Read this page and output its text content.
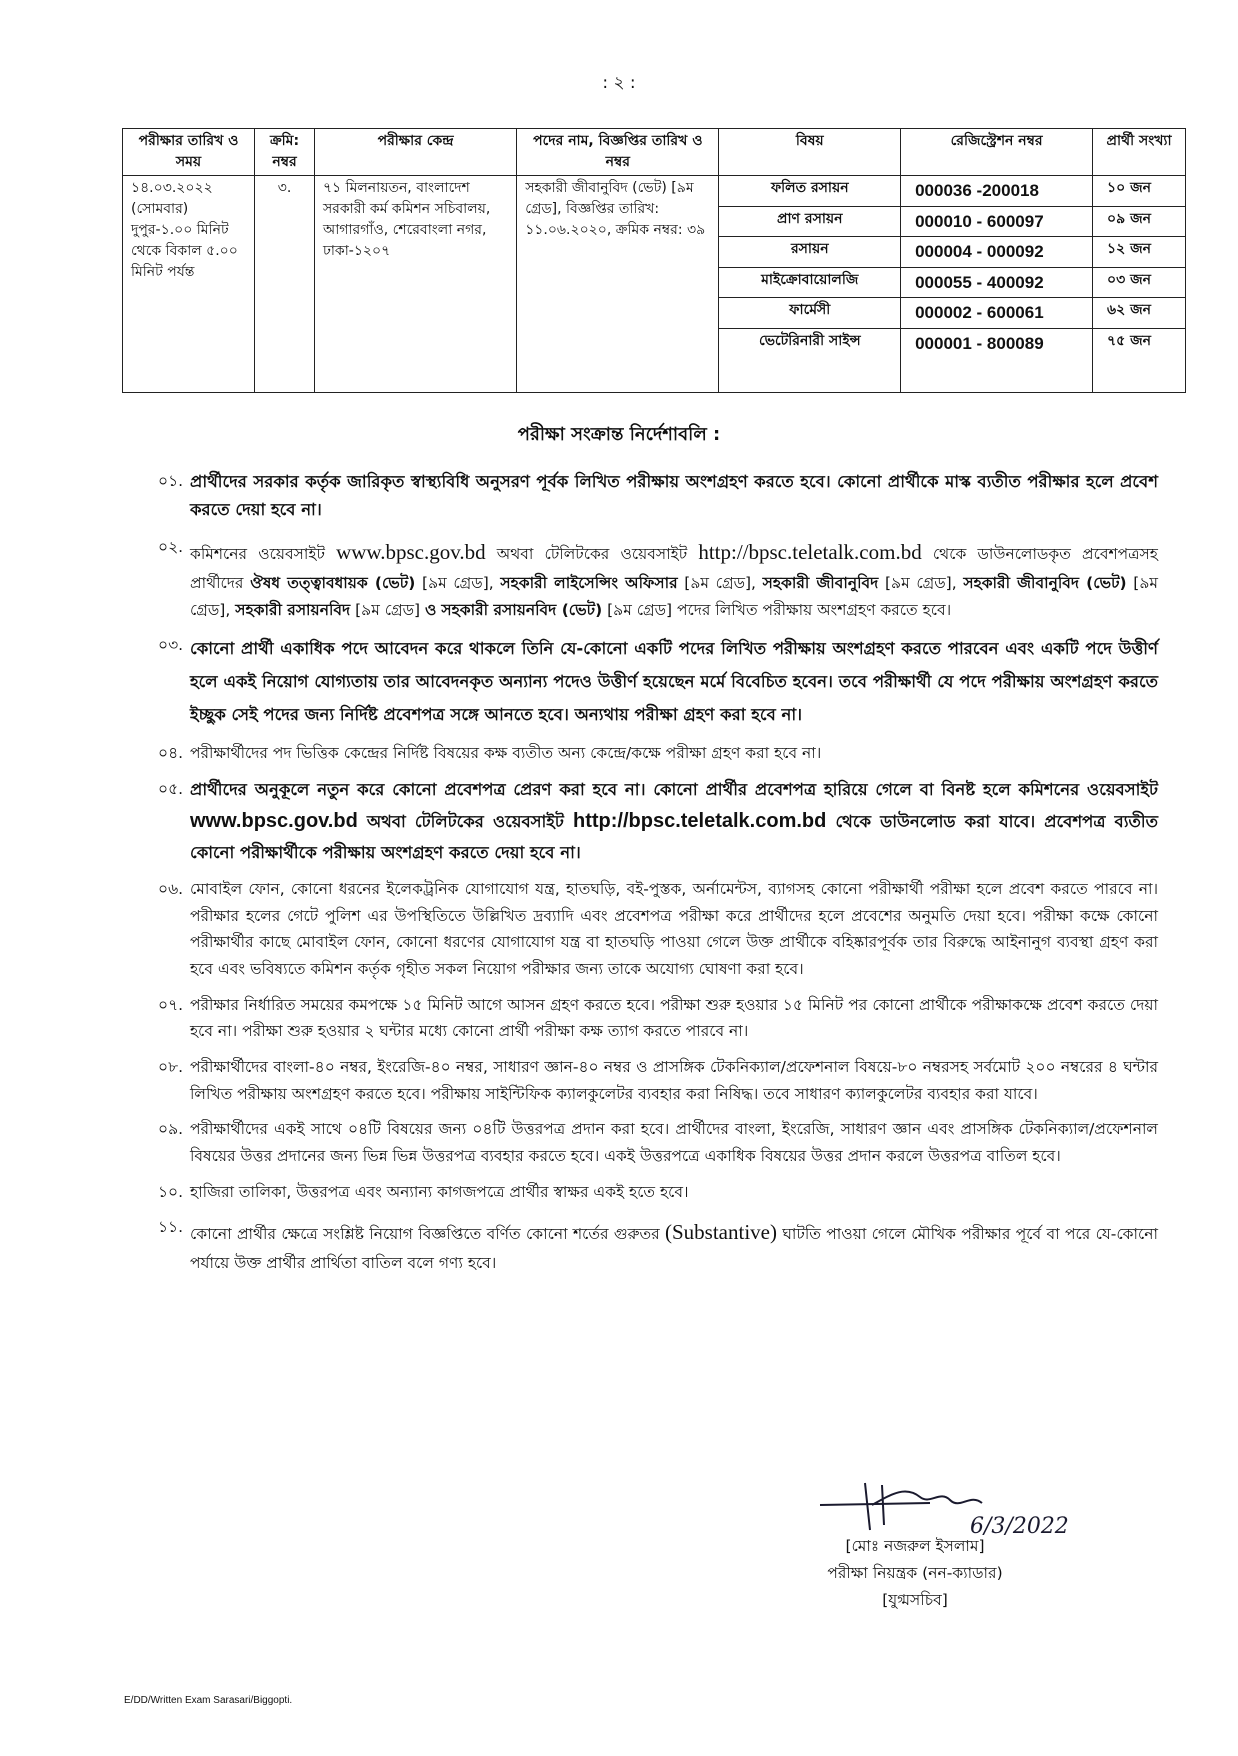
: ২ :
পরীক্ষার তারিখ ও সময়	ক্রমি: নম্বর	পরীক্ষার কেন্দ্র	পদের নাম, বিজ্ঞপ্তির তারিখ ও নম্বর	বিষয়	রেজিস্ট্রেশন নম্বর	প্রার্থী সংখ্যা
১৪.০৩.২০২২ (সোমবার) দুপুর-১.০০ মিনিট থেকে বিকাল ৫.০০ মিনিট পর্যন্ত	৩.	৭১ মিলনায়তন, বাংলাদেশ সরকারী কর্ম কমিশন সচিবালয়, আগারগাঁও, শেরেবাংলা নগর, ঢাকা-১২০৭	সহকারী জীবানুবিদ (ভেট) [৯ম গ্রেড], বিজ্ঞপ্তির তারিখ: ১১.০৬.২০২০, ক্রমিক নম্বর: ৩৯	ফলিত রসায়ন	000036 -200018	১০ জন
				প্রাণ রসায়ন	000010 - 600097	০৯ জন
				রসায়ন	000004 - 000092	১২ জন
				মাইক্রোবায়োলজি	000055 - 400092	০৩ জন
				ফার্মেসী	000002 - 600061	৬২ জন
				ভেটেরিনারী সাইন্স	000001 - 800089	৭৫ জন
পরীক্ষা সংক্রান্ত নির্দেশাবলি :
০১. প্রার্থীদের সরকার কর্তৃক জারিকৃত স্বাস্থ্যবিধি অনুসরণ পূর্বক লিখিত পরীক্ষায় অংশগ্রহণ করতে হবে। কোনো প্রার্থীকে মাস্ক ব্যতীত পরীক্ষার হলে প্রবেশ করতে দেয়া হবে না।
০২. কমিশনের ওয়েবসাইট www.bpsc.gov.bd অথবা টেলিটকের ওয়েবসাইট http://bpsc.teletalk.com.bd থেকে ডাউনলোডকৃত প্রবেশপত্রসহ প্রার্থীদের ঔষধ তত্ত্বাবধায়ক (ভেট) [৯ম গ্রেড], সহকারী লাইসেন্সিং অফিসার [৯ম গ্রেড], সহকারী জীবানুবিদ [৯ম গ্রেড], সহকারী জীবানুবিদ (ভেট) [৯ম গ্রেড], সহকারী রসায়নবিদ [৯ম গ্রেড] ও সহকারী রসায়নবিদ (ভেট) [৯ম গ্রেড] পদের লিখিত পরীক্ষায় অংশগ্রহণ করতে হবে।
০৩. কোনো প্রার্থী একাধিক পদে আবেদন করে থাকলে তিনি যে-কোনো একটি পদের লিখিত পরীক্ষায় অংশগ্রহণ করতে পারবেন এবং একটি পদে উত্তীর্ণ হলে একই নিয়োগ যোগ্যতায় তার আবেদনকৃত অন্যান্য পদেও উত্তীর্ণ হয়েছেন মর্মে বিবেচিত হবেন। তবে পরীক্ষার্থী যে পদে পরীক্ষায় অংশগ্রহণ করতে ইচ্ছুক সেই পদের জন্য নির্দিষ্ট প্রবেশপত্র সঙ্গে আনতে হবে। অন্যথায় পরীক্ষা গ্রহণ করা হবে না।
০৪. পরীক্ষার্থীদের পদ ভিত্তিক কেন্দ্রের নির্দিষ্ট বিষয়ের কক্ষ ব্যতীত অন্য কেন্দ্রে/কক্ষে পরীক্ষা গ্রহণ করা হবে না।
০৫. প্রার্থীদের অনুকূলে নতুন করে কোনো প্রবেশপত্র প্রেরণ করা হবে না। কোনো প্রার্থীর প্রবেশপত্র হারিয়ে গেলে বা বিনষ্ট হলে কমিশনের ওয়েবসাইট www.bpsc.gov.bd অথবা টেলিটকের ওয়েবসাইট http://bpsc.teletalk.com.bd থেকে ডাউনলোড করা যাবে। প্রবেশপত্র ব্যতীত কোনো পরীক্ষার্থীকে পরীক্ষায় অংশগ্রহণ করতে দেয়া হবে না।
০৬. মোবাইল ফোন, কোনো ধরনের ইলেকট্রনিক যোগাযোগ যন্ত্র, হাতঘড়ি, বই-পুস্তক, অর্নামেন্টস, ব্যাগসহ কোনো পরীক্ষার্থী পরীক্ষা হলে প্রবেশ করতে পারবে না। পরীক্ষার হলের গেটে পুলিশ এর উপস্থিতিতে উল্লিখিত দ্রব্যাদি এবং প্রবেশপত্র পরীক্ষা করে প্রার্থীদের হলে প্রবেশের অনুমতি দেয়া হবে। পরীক্ষা কক্ষে কোনো পরীক্ষার্থীর কাছে মোবাইল ফোন, কোনো ধরণের যোগাযোগ যন্ত্র বা হাতঘড়ি পাওয়া গেলে উক্ত প্রার্থীকে বহিষ্কারপূর্বক তার বিরুদ্ধে আইনানুগ ব্যবস্থা গ্রহণ করা হবে এবং ভবিষ্যতে কমিশন কর্তৃক গৃহীত সকল নিয়োগ পরীক্ষার জন্য তাকে অযোগ্য ঘোষণা করা হবে।
০৭. পরীক্ষার নির্ধারিত সময়ের কমপক্ষে ১৫ মিনিট আগে আসন গ্রহণ করতে হবে। পরীক্ষা শুরু হওয়ার ১৫ মিনিট পর কোনো প্রার্থীকে পরীক্ষাকক্ষে প্রবেশ করতে দেয়া হবে না। পরীক্ষা শুরু হওয়ার ২ ঘন্টার মধ্যে কোনো প্রার্থী পরীক্ষা কক্ষ ত্যাগ করতে পারবে না।
০৮. পরীক্ষার্থীদের বাংলা-৪০ নম্বর, ইংরেজি-৪০ নম্বর, সাধারণ জ্ঞান-৪০ নম্বর ও প্রাসঙ্গিক টেকনিক্যাল/প্রফেশনাল বিষয়ে-৮০ নম্বরসহ সর্বমোট ২০০ নম্বরের ৪ ঘন্টার লিখিত পরীক্ষায় অংশগ্রহণ করতে হবে। পরীক্ষায় সাইন্টিফিক ক্যালকুলেটর ব্যবহার করা নিষিদ্ধ। তবে সাধারণ ক্যালকুলেটর ব্যবহার করা যাবে।
০৯. পরীক্ষার্থীদের একই সাথে ০৪টি বিষয়ের জন্য ০৪টি উত্তরপত্র প্রদান করা হবে। প্রার্থীদের বাংলা, ইংরেজি, সাধারণ জ্ঞান এবং প্রাসঙ্গিক টেকনিক্যাল/প্রফেশনাল বিষয়ের উত্তর প্রদানের জন্য ভিন্ন ভিন্ন উত্তরপত্র ব্যবহার করতে হবে। একই উত্তরপত্রে একাধিক বিষয়ের উত্তর প্রদান করলে উত্তরপত্র বাতিল হবে।
১০. হাজিরা তালিকা, উত্তরপত্র এবং অন্যান্য কাগজপত্রে প্রার্থীর স্বাক্ষর একই হতে হবে।
১১. কোনো প্রার্থীর ক্ষেত্রে সংশ্লিষ্ট নিয়োগ বিজ্ঞপ্তিতে বর্ণিত কোনো শর্তের গুরুতর (Substantive) ঘাটতি পাওয়া গেলে মৌখিক পরীক্ষার পূর্বে বা পরে যে-কোনো পর্যায়ে উক্ত প্রার্থীর প্রার্থিতা বাতিল বলে গণ্য হবে।
6/3/2022
[মোঃ নজরুল ইসলাম]
পরীক্ষা নিয়ন্ত্রক (নন-ক্যাডার)
[যুগ্মসচিব]
E/DD/Written Exam Sarasari/Biggopti.
